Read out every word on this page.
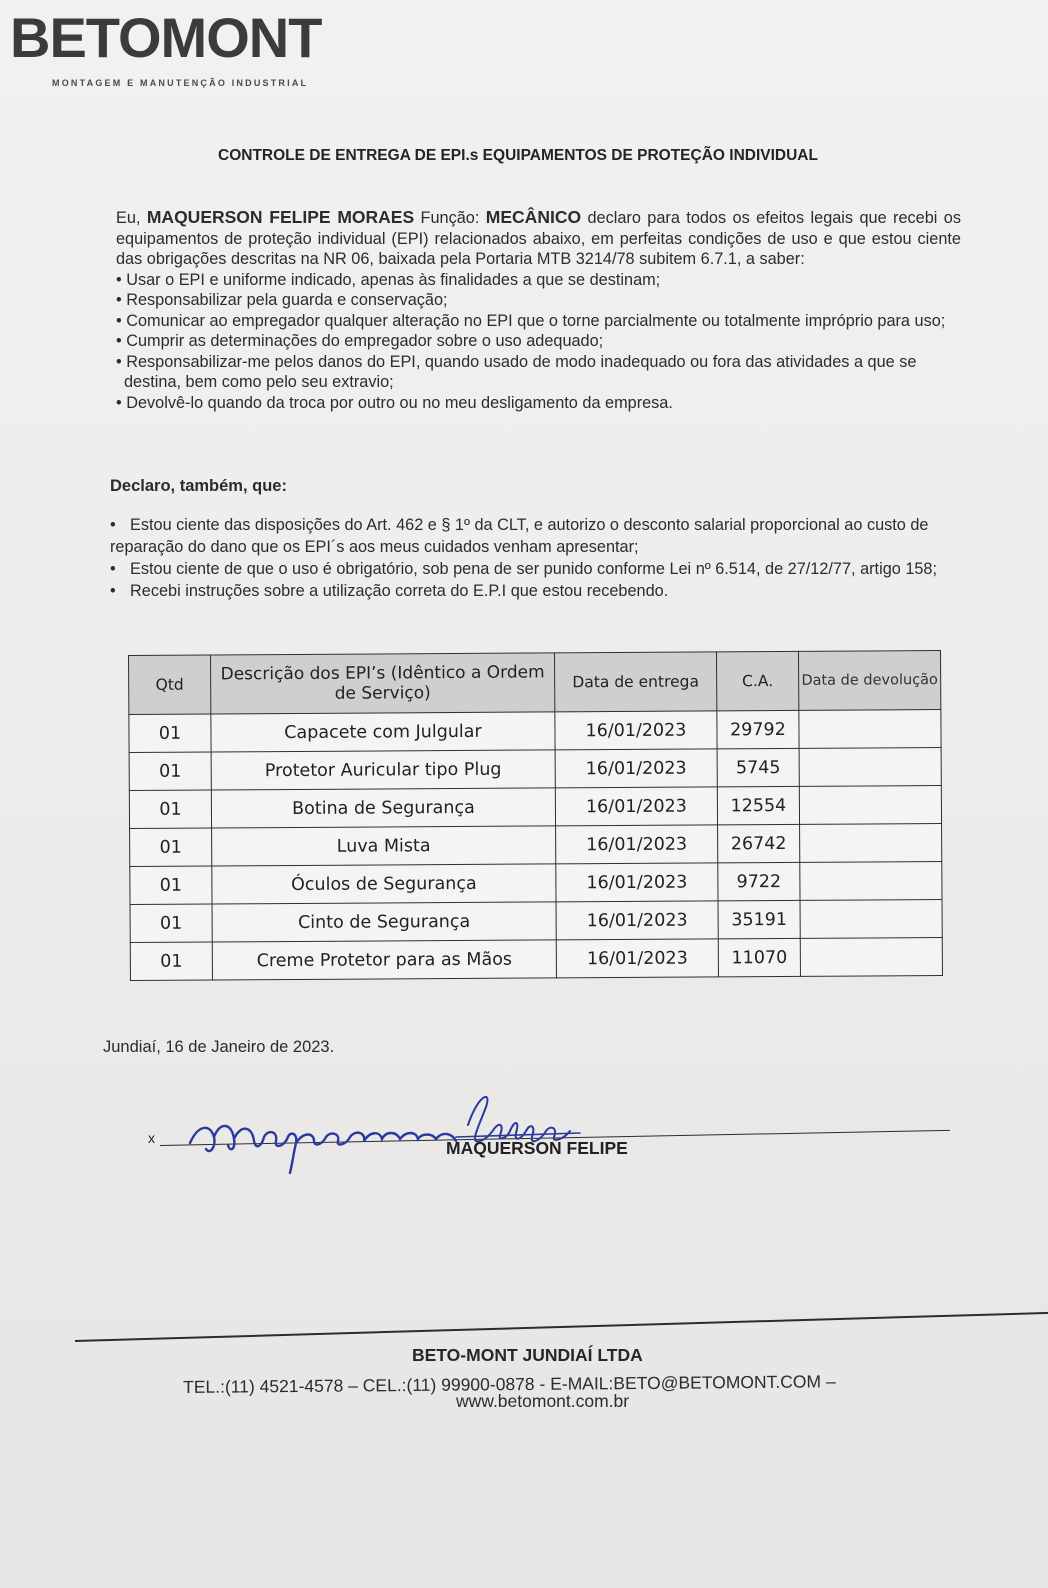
BETOMONT
MONTAGEM E MANUTENÇÃO INDUSTRIAL
CONTROLE DE ENTREGA DE EPI.s EQUIPAMENTOS DE PROTEÇÃO INDIVIDUAL

Eu, MAQUERSON FELIPE MORAES Função: MECÂNICO declaro para todos os efeitos legais que recebi os equipamentos de proteção individual (EPI) relacionados abaixo, em perfeitas condições de uso e que estou ciente das obrigações descritas na NR 06, baixada pela Portaria MTB 3214/78 subitem 6.7.1, a saber:

• Usar o EPI e uniforme indicado, apenas às finalidades a que se destinam;
• Responsabilizar pela guarda e conservação;
• Comunicar ao empregador qualquer alteração no EPI que o torne parcialmente ou totalmente impróprio para uso;
• Cumprir as determinações do empregador sobre o uso adequado;
• Responsabilizar-me pelos danos do EPI, quando usado de modo inadequado ou fora das atividades a que se destina, bem como pelo seu extravio;
• Devolvê-lo quando da troca por outro ou no meu desligamento da empresa.
Declaro, também, que:
• Estou ciente das disposições do Art. 462 e § 1º da CLT, e autorizo o desconto salarial proporcional ao custo de reparação do dano que os EPI´s aos meus cuidados venham apresentar;
• Estou ciente de que o uso é obrigatório, sob pena de ser punido conforme Lei nº 6.514, de 27/12/77, artigo 158;
• Recebi instruções sobre a utilização correta do E.P.I que estou recebendo.
Qtd	Descrição dos EPI’s (Idêntico a Ordem de Serviço)	Data de entrega	C.A.	Data de devolução
01	Capacete com Julgular	16/01/2023	29792	
01	Protetor Auricular tipo Plug	16/01/2023	5745	
01	Botina de Segurança	16/01/2023	12554	
01	Luva Mista	16/01/2023	26742	
01	Óculos de Segurança	16/01/2023	9722	
01	Cinto de Segurança	16/01/2023	35191	
01	Creme Protetor para as Mãos	16/01/2023	11070	
Jundiaí, 16 de Janeiro de 2023.
x	MAQUERSON FELIPE
BETO-MONT JUNDIAÍ LTDA
TEL.:(11) 4521-4578 – CEL.:(11) 99900-0878 - E-MAIL:BETO@BETOMONT.COM –
www.betomont.com.br
